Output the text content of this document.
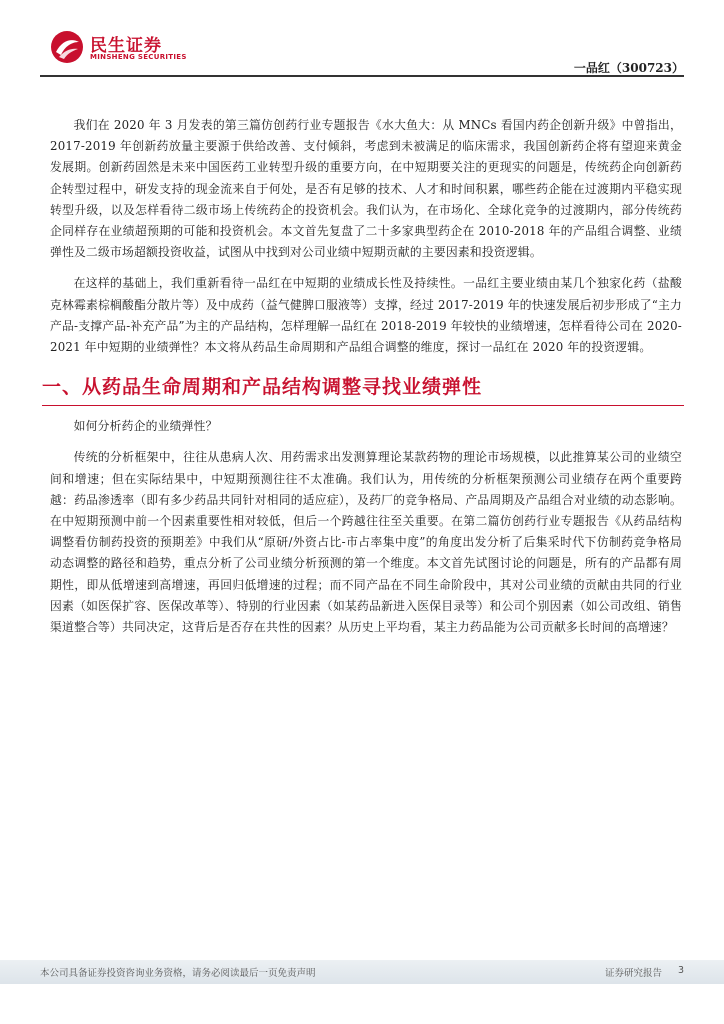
民生证券
MINSHENG SECURITIES
一品红（300723）

我们在 2020 年 3 月发表的第三篇仿创药行业专题报告《水大鱼大：从 MNCs 看国内药企创新升级》中曾指出，2017-2019 年创新药放量主要源于供给改善、支付倾斜，考虑到未被满足的临床需求，我国创新药企将有望迎来黄金发展期。创新药固然是未来中国医药工业转型升级的重要方向，在中短期要关注的更现实的问题是，传统药企向创新药企转型过程中，研发支持的现金流来自于何处，是否有足够的技术、人才和时间积累，哪些药企能在过渡期内平稳实现转型升级，以及怎样看待二级市场上传统药企的投资机会。我们认为，在市场化、全球化竞争的过渡期内，部分传统药企同样存在业绩超预期的可能和投资机会。本文首先复盘了二十多家典型药企在 2010-2018 年的产品组合调整、业绩弹性及二级市场超额投资收益，试图从中找到对公司业绩中短期贡献的主要因素和投资逻辑。

在这样的基础上，我们重新看待一品红在中短期的业绩成长性及持续性。一品红主要业绩由某几个独家化药（盐酸克林霉素棕榈酸酯分散片等）及中成药（益气健脾口服液等）支撑，经过 2017-2019 年的快速发展后初步形成了“主力产品-支撑产品-补充产品”为主的产品结构，怎样理解一品红在 2018-2019 年较快的业绩增速，怎样看待公司在 2020-2021 年中短期的业绩弹性？本文将从药品生命周期和产品组合调整的维度，探讨一品红在 2020 年的投资逻辑。

一、从药品生命周期和产品结构调整寻找业绩弹性

如何分析药企的业绩弹性？

传统的分析框架中，往往从患病人次、用药需求出发测算理论某款药物的理论市场规模，以此推算某公司的业绩空间和增速；但在实际结果中，中短期预测往往不太准确。我们认为，用传统的分析框架预测公司业绩存在两个重要跨越：药品渗透率（即有多少药品共同针对相同的适应症），及药厂的竞争格局、产品周期及产品组合对业绩的动态影响。在中短期预测中前一个因素重要性相对较低，但后一个跨越往往至关重要。在第二篇仿创药行业专题报告《从药品结构调整看仿制药投资的预期差》中我们从“原研/外资占比-市占率集中度”的角度出发分析了后集采时代下仿制药竞争格局动态调整的路径和趋势，重点分析了公司业绩分析预测的第一个维度。本文首先试图讨论的问题是，所有的产品都有周期性，即从低增速到高增速，再回归低增速的过程；而不同产品在不同生命阶段中，其对公司业绩的贡献由共同的行业因素（如医保扩容、医保改革等）、特别的行业因素（如某药品新进入医保目录等）和公司个别因素（如公司改组、销售渠道整合等）共同决定，这背后是否存在共性的因素？从历史上平均看，某主力药品能为公司贡献多长时间的高增速？

本公司具备证券投资咨询业务资格，请务必阅读最后一页免责声明	证券研究报告 3
